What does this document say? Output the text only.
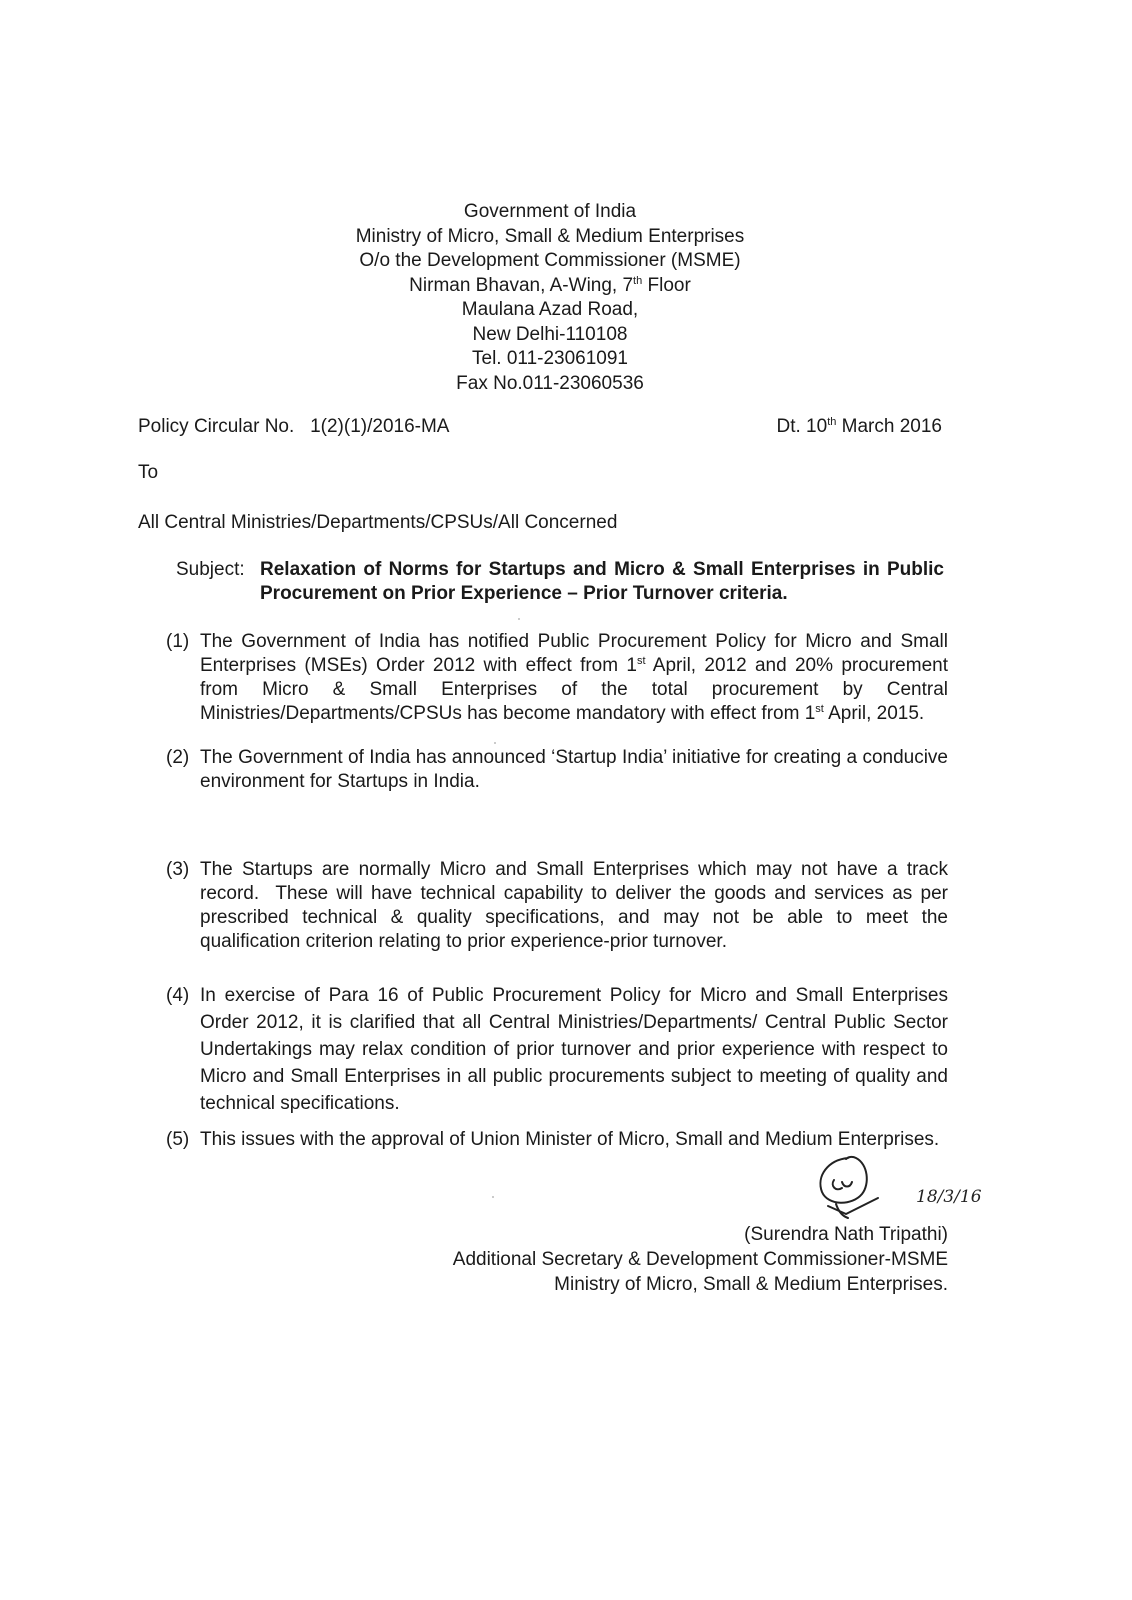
Government of India
Ministry of Micro, Small & Medium Enterprises
O/o the Development Commissioner (MSME)
Nirman Bhavan, A-Wing, 7th Floor
Maulana Azad Road,
New Delhi-110108
Tel. 011-23061091
Fax No.011-23060536
Policy Circular No.   1(2)(1)/2016-MA	Dt. 10th March 2016
To
All Central Ministries/Departments/CPSUs/All Concerned
Subject: Relaxation of Norms for Startups and Micro & Small Enterprises in Public Procurement on Prior Experience – Prior Turnover criteria.
(1) The Government of India has notified Public Procurement Policy for Micro and Small Enterprises (MSEs) Order 2012 with effect from 1st April, 2012 and 20% procurement from Micro & Small Enterprises of the total procurement by Central Ministries/Departments/CPSUs has become mandatory with effect from 1st April, 2015.
(2) The Government of India has announced ‘Startup India’ initiative for creating a conducive environment for Startups in India.
(3) The Startups are normally Micro and Small Enterprises which may not have a track record.  These will have technical capability to deliver the goods and services as per prescribed technical & quality specifications, and may not be able to meet the qualification criterion relating to prior experience-prior turnover.
(4) In exercise of Para 16 of Public Procurement Policy for Micro and Small Enterprises Order 2012, it is clarified that all Central Ministries/Departments/ Central Public Sector Undertakings may relax condition of prior turnover and prior experience with respect to Micro and Small Enterprises in all public procurements subject to meeting of quality and technical specifications.
(5) This issues with the approval of Union Minister of Micro, Small and Medium Enterprises.
18/3/16
(Surendra Nath Tripathi)
Additional Secretary & Development Commissioner-MSME
Ministry of Micro, Small & Medium Enterprises.
